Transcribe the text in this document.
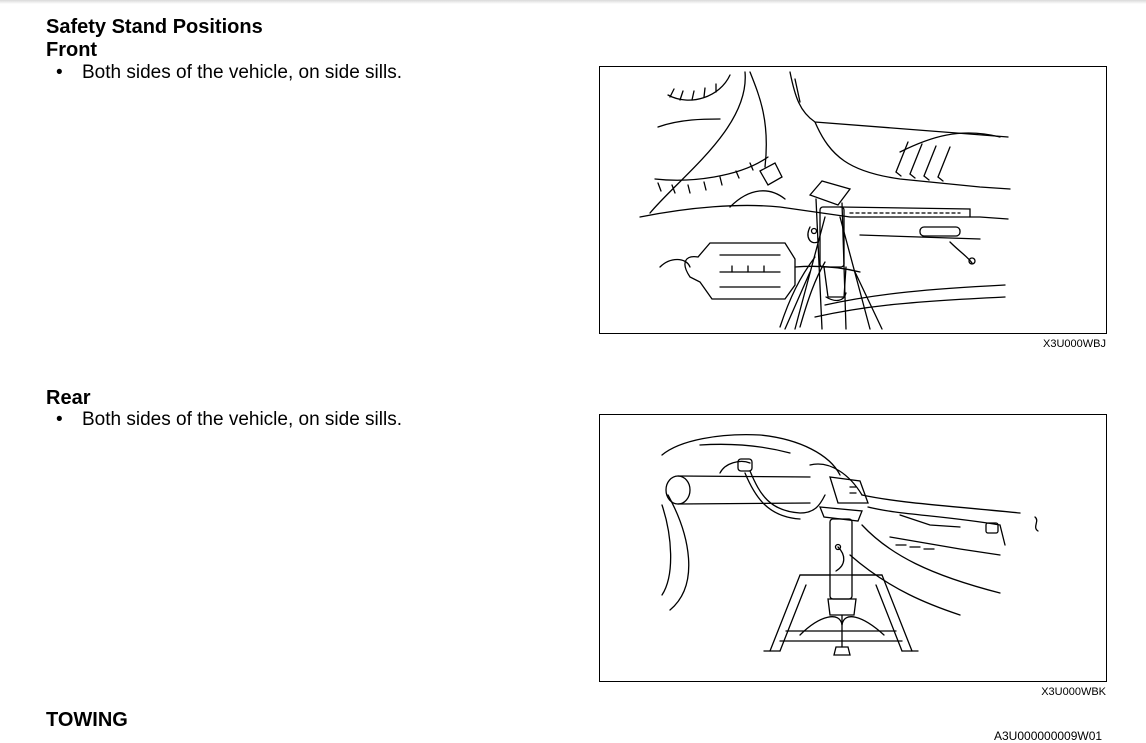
Safety Stand Positions
Front
• Both sides of the vehicle, on side sills.
X3U000WBJ
Rear
• Both sides of the vehicle, on side sills.
X3U000WBK
TOWING
A3U000000009W01
